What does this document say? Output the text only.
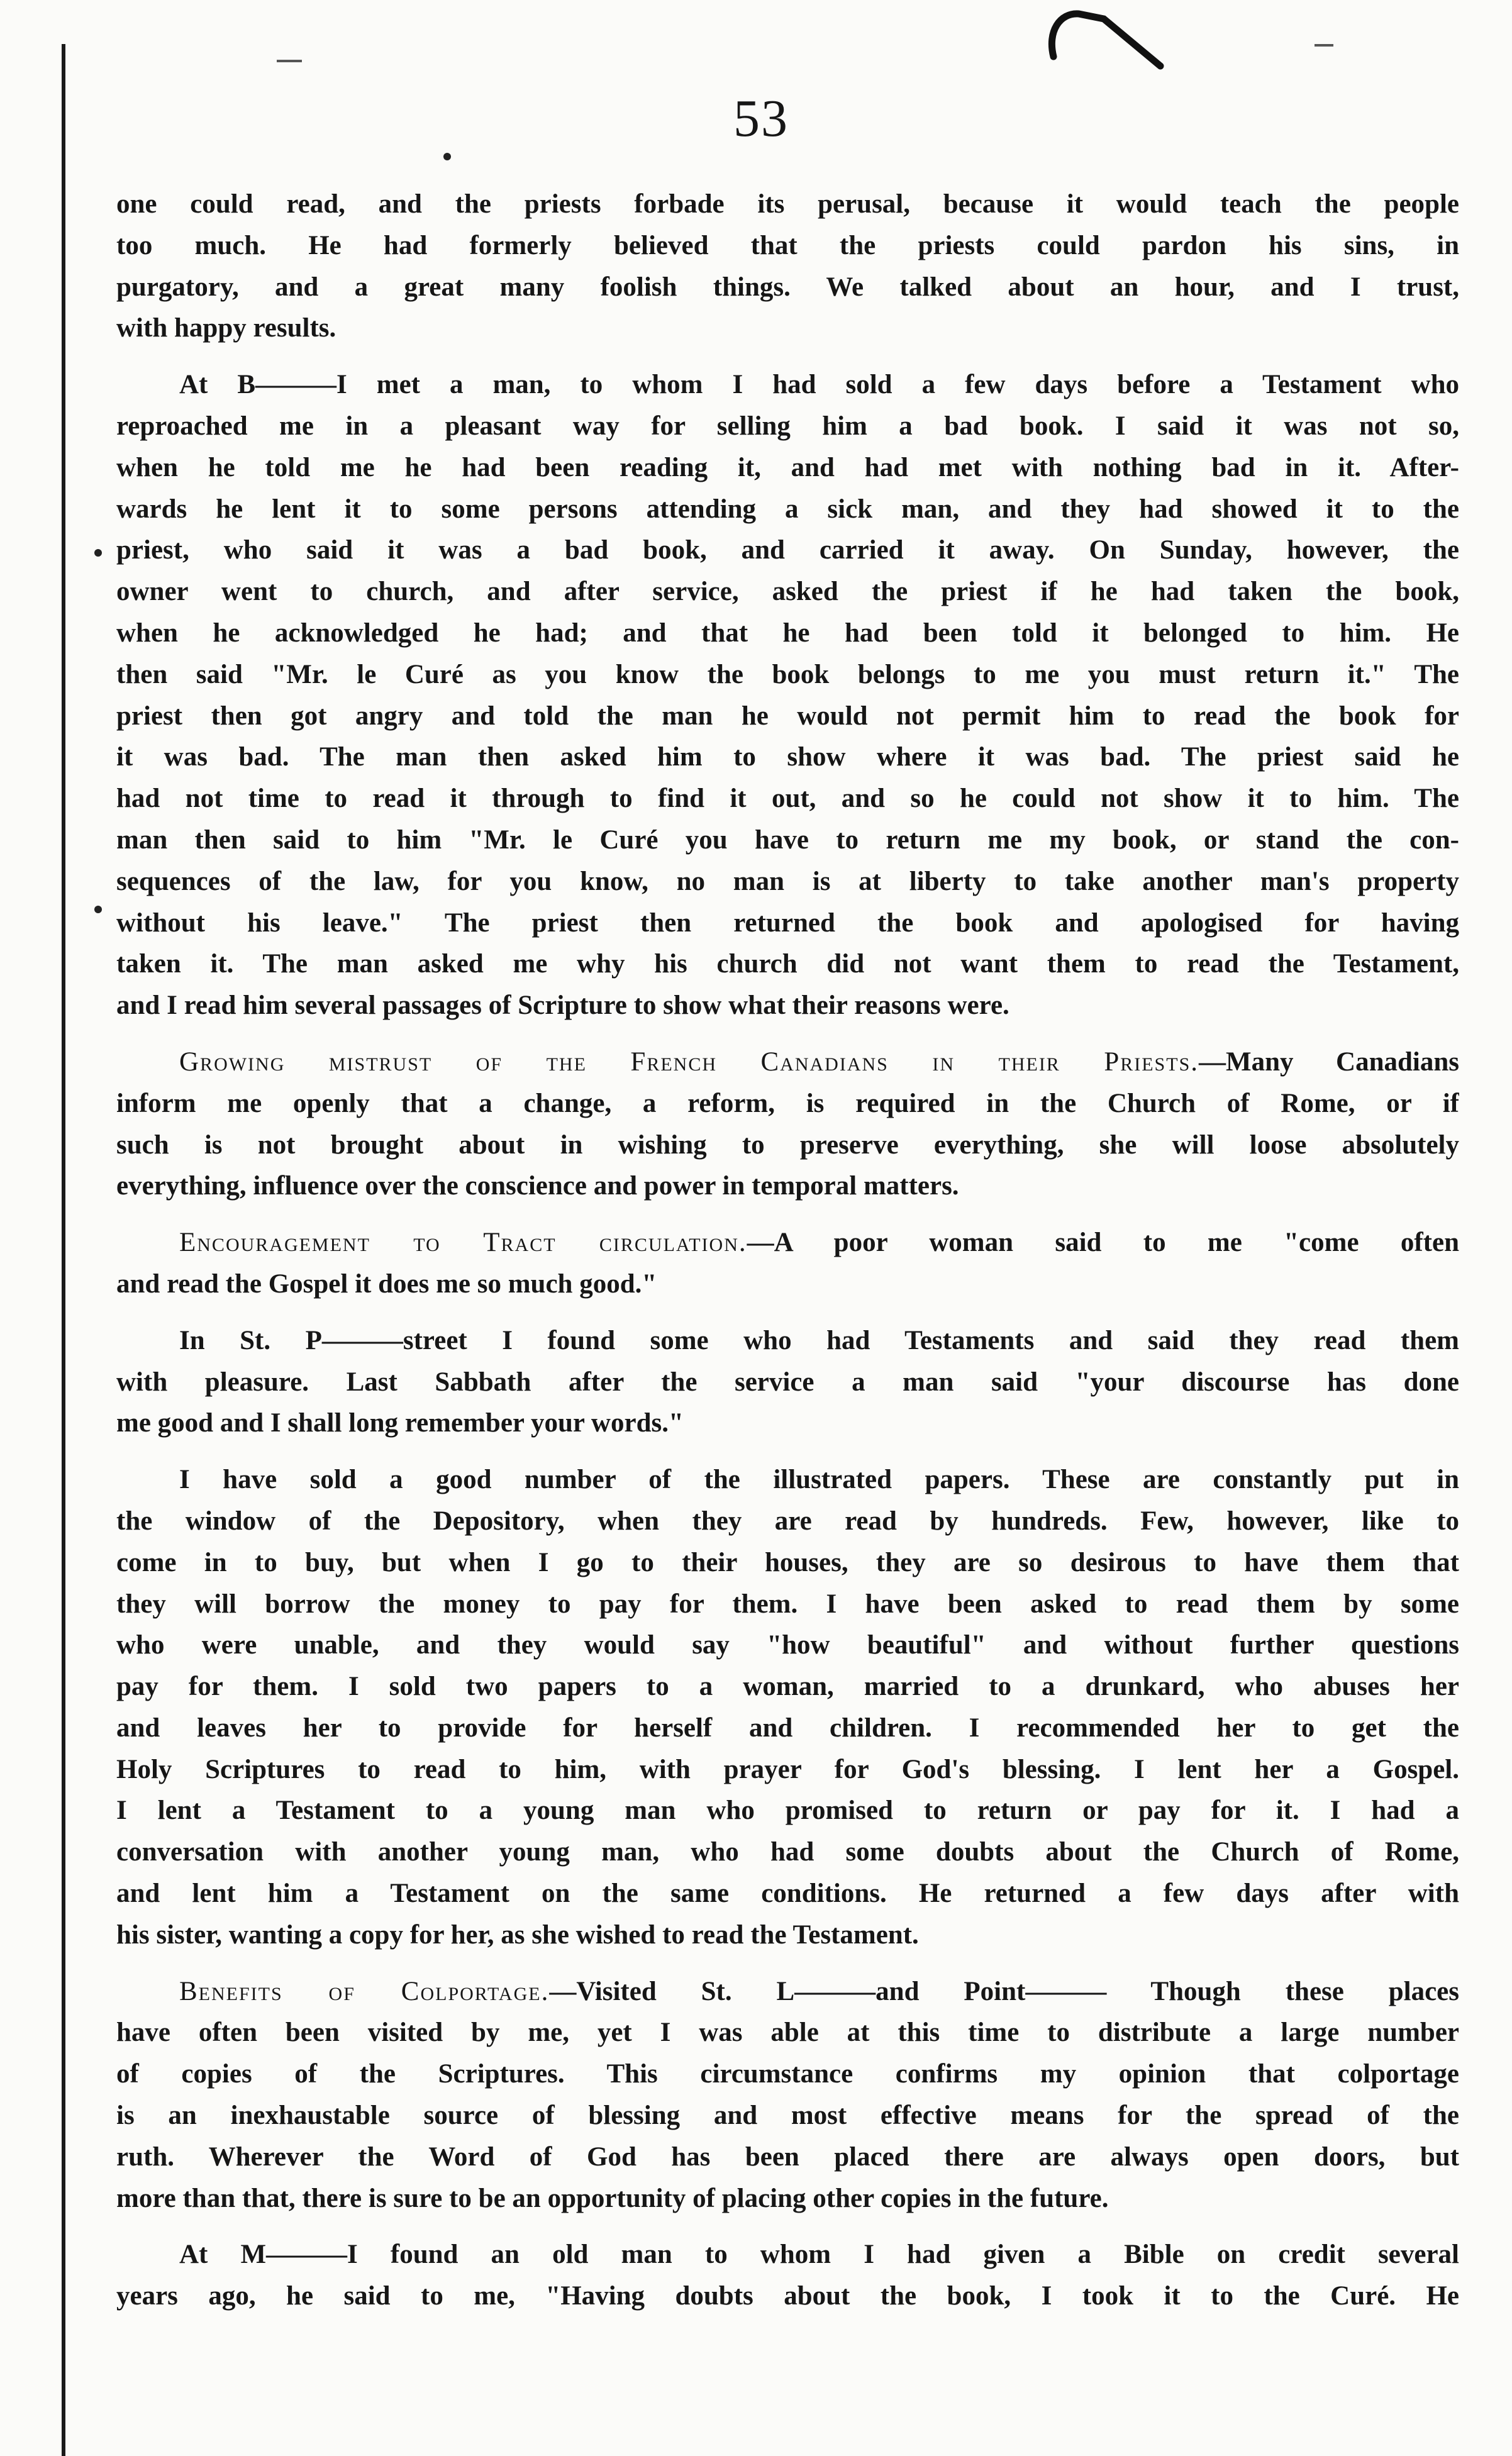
53

one could read, and the priests forbade its perusal, because it would teach the people
too much. He had formerly believed that the priests could pardon his sins, in
purgatory, and a great many foolish things. We talked about an hour, and I trust,
with happy results.

At B———I met a man, to whom I had sold a few days before a Testament who
reproached me in a pleasant way for selling him a bad book. I said it was not so,
when he told me he had been reading it, and had met with nothing bad in it. After-
wards he lent it to some persons attending a sick man, and they had showed it to the
priest, who said it was a bad book, and carried it away. On Sunday, however, the
owner went to church, and after service, asked the priest if he had taken the book,
when he acknowledged he had; and that he had been told it belonged to him. He
then said "Mr. le Curé as you know the book belongs to me you must return it." The
priest then got angry and told the man he would not permit him to read the book for
it was bad. The man then asked him to show where it was bad. The priest said he
had not time to read it through to find it out, and so he could not show it to him. The
man then said to him "Mr. le Curé you have to return me my book, or stand the con-
sequences of the law, for you know, no man is at liberty to take another man's property
without his leave." The priest then returned the book and apologised for having
taken it. The man asked me why his church did not want them to read the Testament,
and I read him several passages of Scripture to show what their reasons were.

Growing mistrust of the French Canadians in their Priests.—Many Canadians
inform me openly that a change, a reform, is required in the Church of Rome, or if
such is not brought about in wishing to preserve everything, she will loose absolutely
everything, influence over the conscience and power in temporal matters.

Encouragement to Tract circulation.—A poor woman said to me "come often
and read the Gospel it does me so much good."

In St. P———street I found some who had Testaments and said they read them
with pleasure. Last Sabbath after the service a man said "your discourse has done
me good and I shall long remember your words."

I have sold a good number of the illustrated papers. These are constantly put in
the window of the Depository, when they are read by hundreds. Few, however, like to
come in to buy, but when I go to their houses, they are so desirous to have them that
they will borrow the money to pay for them. I have been asked to read them by some
who were unable, and they would say "how beautiful" and without further questions
pay for them. I sold two papers to a woman, married to a drunkard, who abuses her
and leaves her to provide for herself and children. I recommended her to get the
Holy Scriptures to read to him, with prayer for God's blessing. I lent her a Gospel.
I lent a Testament to a young man who promised to return or pay for it. I had a
conversation with another young man, who had some doubts about the Church of Rome,
and lent him a Testament on the same conditions. He returned a few days after with
his sister, wanting a copy for her, as she wished to read the Testament.

Benefits of Colportage.—Visited St. L———and Point——— Though these places
have often been visited by me, yet I was able at this time to distribute a large number
of copies of the Scriptures. This circumstance confirms my opinion that colportage
is an inexhaustable source of blessing and most effective means for the spread of the
ruth. Wherever the Word of God has been placed there are always open doors, but
more than that, there is sure to be an opportunity of placing other copies in the future.

At M———I found an old man to whom I had given a Bible on credit several
years ago, he said to me, "Having doubts about the book, I took it to the Curé. He
